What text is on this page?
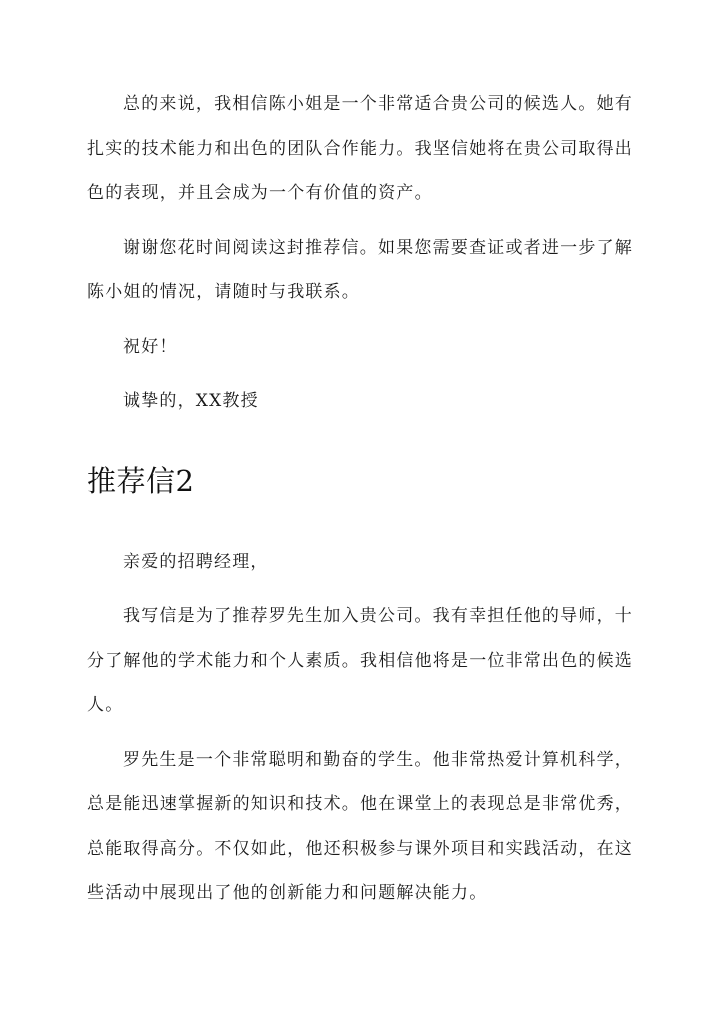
总的来说，我相信陈小姐是一个非常适合贵公司的候选人。她有扎实的技术能力和出色的团队合作能力。我坚信她将在贵公司取得出色的表现，并且会成为一个有价值的资产。

谢谢您花时间阅读这封推荐信。如果您需要查证或者进一步了解陈小姐的情况，请随时与我联系。

祝好！

诚挚的，XX教授

推荐信2

亲爱的招聘经理，

我写信是为了推荐罗先生加入贵公司。我有幸担任他的导师，十分了解他的学术能力和个人素质。我相信他将是一位非常出色的候选人。

罗先生是一个非常聪明和勤奋的学生。他非常热爱计算机科学，总是能迅速掌握新的知识和技术。他在课堂上的表现总是非常优秀，总能取得高分。不仅如此，他还积极参与课外项目和实践活动，在这些活动中展现出了他的创新能力和问题解决能力。
